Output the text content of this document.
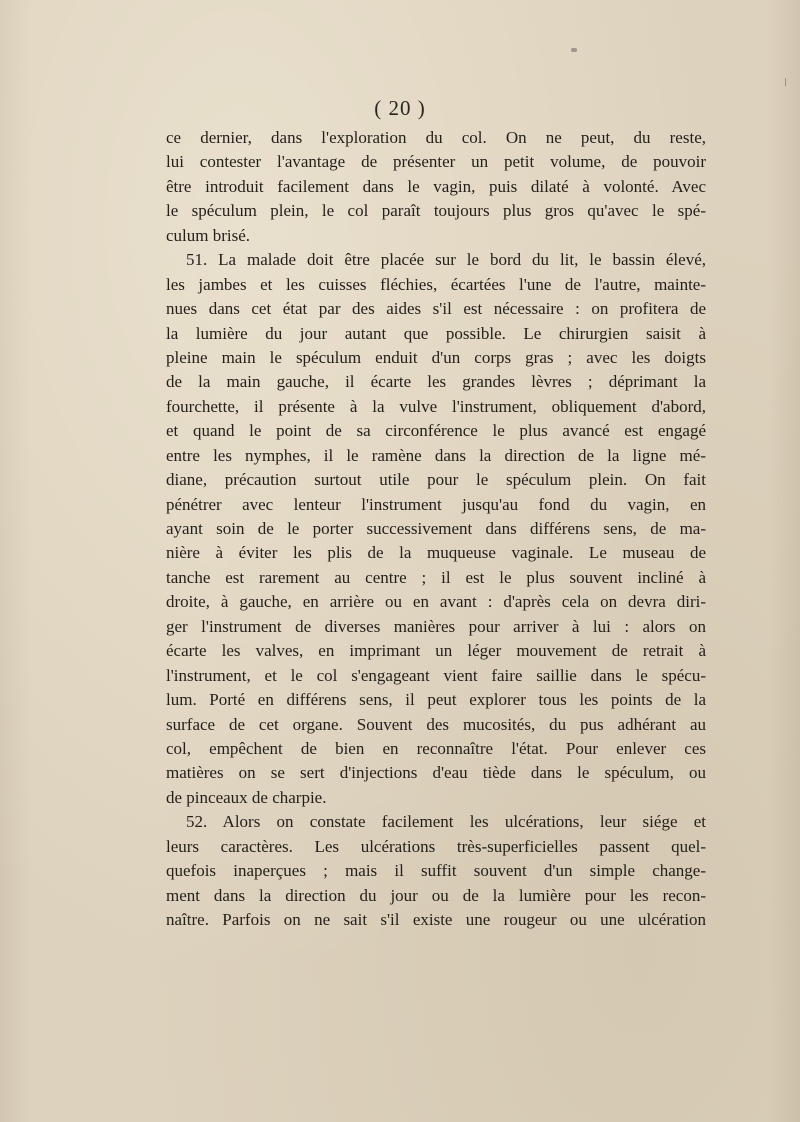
( 20 )
ce dernier, dans l'exploration du col. On ne peut, du reste,
lui contester l'avantage de présenter un petit volume, de pouvoir
être introduit facilement dans le vagin, puis dilaté à volonté. Avec
le spéculum plein, le col paraît toujours plus gros qu'avec le spé-
culum brisé.
51. La malade doit être placée sur le bord du lit, le bassin élevé,
les jambes et les cuisses fléchies, écartées l'une de l'autre, mainte-
nues dans cet état par des aides s'il est nécessaire : on profitera de
la lumière du jour autant que possible. Le chirurgien saisit à
pleine main le spéculum enduit d'un corps gras ; avec les doigts
de la main gauche, il écarte les grandes lèvres ; déprimant la
fourchette, il présente à la vulve l'instrument, obliquement d'abord,
et quand le point de sa circonférence le plus avancé est engagé
entre les nymphes, il le ramène dans la direction de la ligne mé-
diane, précaution surtout utile pour le spéculum plein. On fait
pénétrer avec lenteur l'instrument jusqu'au fond du vagin, en
ayant soin de le porter successivement dans différens sens, de ma-
nière à éviter les plis de la muqueuse vaginale. Le museau de
tanche est rarement au centre ; il est le plus souvent incliné à
droite, à gauche, en arrière ou en avant : d'après cela on devra diri-
ger l'instrument de diverses manières pour arriver à lui : alors on
écarte les valves, en imprimant un léger mouvement de retrait à
l'instrument, et le col s'engageant vient faire saillie dans le spécu-
lum. Porté en différens sens, il peut explorer tous les points de la
surface de cet organe. Souvent des mucosités, du pus adhérant au
col, empêchent de bien en reconnaître l'état. Pour enlever ces
matières on se sert d'injections d'eau tiède dans le spéculum, ou
de pinceaux de charpie.
52. Alors on constate facilement les ulcérations, leur siége et
leurs caractères. Les ulcérations très-superficielles passent quel-
quefois inaperçues ; mais il suffit souvent d'un simple change-
ment dans la direction du jour ou de la lumière pour les recon-
naître. Parfois on ne sait s'il existe une rougeur ou une ulcération
